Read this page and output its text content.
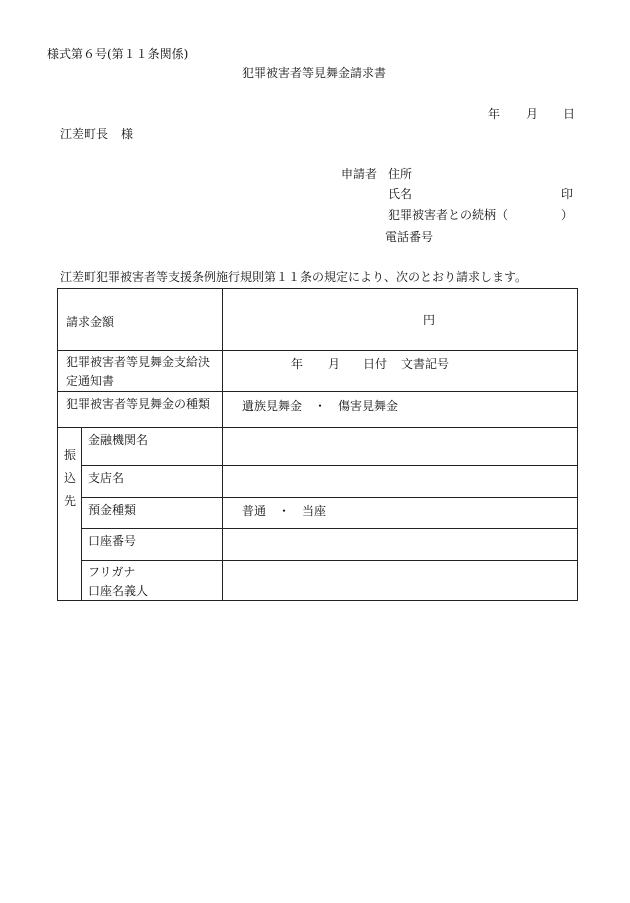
様式第６号(第１１条関係)
犯罪被害者等見舞金請求書
年 月 日
江差町長 様
申請者 住所
氏名	印
犯罪被害者との続柄（	）
電話番号
江差町犯罪被害者等支援条例施行規則第１１条の規定により、次のとおり請求します。
請求金額		円

犯罪被害者等見舞金支給決
定通知書		年 月 日付 文書記号

犯罪被害者等見舞金の種類		遺族見舞金　・　傷害見舞金

振
込
先	金融機関名	

	支店名	

	預金種類	普通　・　当座

	口座番号	

	フリガナ
口座名義人	
